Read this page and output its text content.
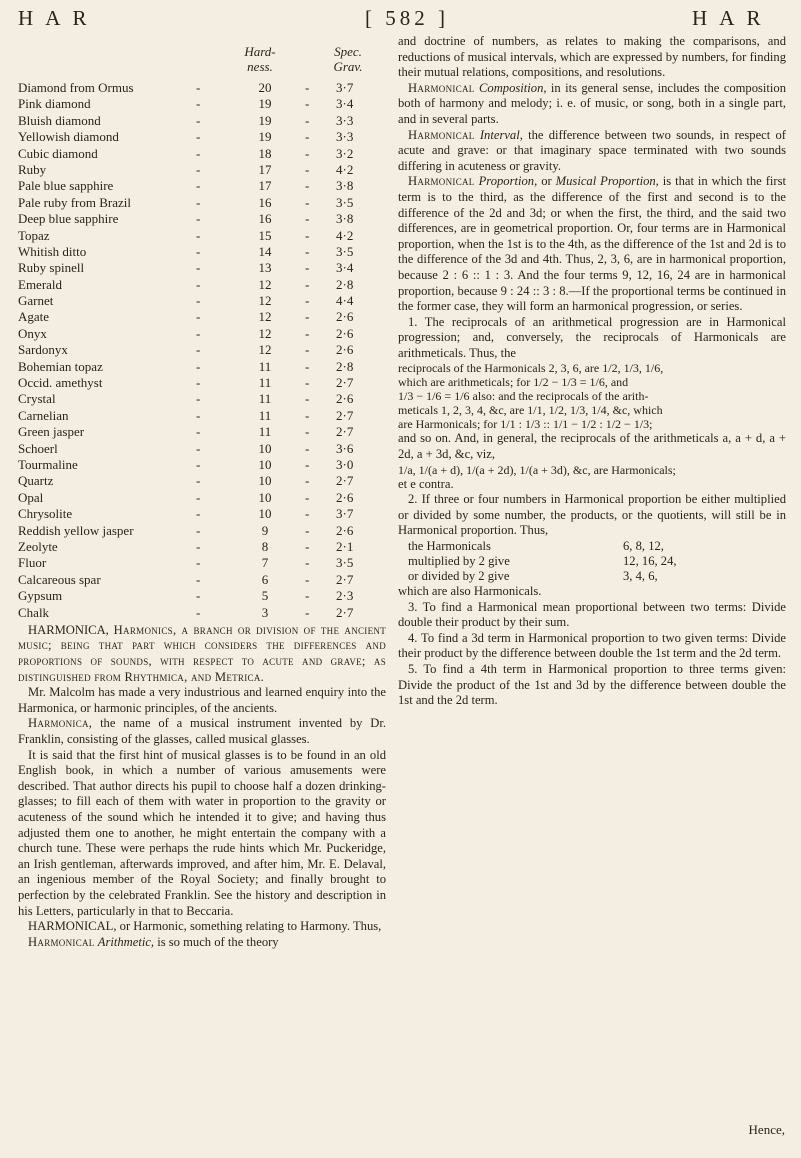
H A R	[ 582 ]	H A R
Hard-
ness.
Spec.
Grav.
Diamond from Ormus	-	20	- 3·7
Pink diamond	-	19	- 3·4
Bluish diamond	-	19	- 3·3
Yellowish diamond	-	19	- 3·3
Cubic diamond	-	18	- 3·2
Ruby	-	17	- 4·2
Pale blue sapphire	-	17	- 3·8
Pale ruby from Brazil	-	16	- 3·5
Deep blue sapphire	-	16	- 3·8
Topaz	-	15	- 4·2
Whitish ditto	-	14	- 3·5
Ruby spinell	-	13	- 3·4
Emerald	-	12	- 2·8
Garnet	-	12	- 4·4
Agate	-	12	- 2·6
Onyx	-	12	- 2·6
Sardonyx	-	12	- 2·6
Bohemian topaz	-	11	- 2·8
Occid. amethyst	-	11	- 2·7
Crystal	-	11	- 2·6
Carnelian	-	11	- 2·7
Green jasper	-	11	- 2·7
Schoerl	-	10	- 3·6
Tourmaline	-	10	- 3·0
Quartz	-	10	- 2·7
Opal	-	10	- 2·6
Chrysolite	-	10	- 3·7
Reddish yellow jasper	-	9	- 2·6
Zeolyte	-	8	- 2·1
Fluor	-	7	- 3·5
Calcareous spar	-	6	- 2·7
Gypsum	-	5	- 2·3
Chalk	-	3	- 2·7

HARMONICA, Harmonics, a branch or division of the ancient music; being that part which considers the differences and proportions of sounds, with respect to acute and grave; as distinguished from Rhythmica, and Metrica.

Mr. Malcolm has made a very industrious and learned enquiry into the Harmonica, or harmonic principles, of the ancients.

Harmonica, the name of a musical instrument invented by Dr. Franklin, consisting of the glasses, called musical glasses.

It is said that the first hint of musical glasses is to be found in an old English book, in which a number of various amusements were described. That author directs his pupil to choose half a dozen drinking-glasses; to fill each of them with water in proportion to the gravity or acuteness of the sound which he intended it to give; and having thus adjusted them one to another, he might entertain the company with a church tune. These were perhaps the rude hints which Mr. Puckeridge, an Irish gentleman, afterwards improved, and after him, Mr. E. Delaval, an ingenious member of the Royal Society; and finally brought to perfection by the celebrated Franklin. See the history and description in his Letters, particularly in that to Beccaria.

HARMONICAL, or Harmonic, something relating to Harmony. Thus,

Harmonical Arithmetic, is so much of the theory

and doctrine of numbers, as relates to making the comparisons, and reductions of musical intervals, which are expressed by numbers, for finding their mutual relations, compositions, and resolutions.

Harmonical Composition, in its general sense, includes the composition both of harmony and melody; i. e. of music, or song, both in a single part, and in several parts.

Harmonical Interval, the difference between two sounds, in respect of acute and grave: or that imaginary space terminated with two sounds differing in acuteness or gravity.

Harmonical Proportion, or Musical Proportion, is that in which the first term is to the third, as the difference of the first and second is to the difference of the 2d and 3d; or when the first, the third, and the said two differences, are in geometrical proportion. Or, four terms are in Harmonical proportion, when the 1st is to the 4th, as the difference of the 1st and 2d is to the difference of the 3d and 4th. Thus, 2, 3, 6, are in harmonical proportion, because 2 : 6 :: 1 : 3. And the four terms 9, 12, 16, 24 are in harmonical proportion, because 9 : 24 :: 3 : 8.—If the proportional terms be continued in the former case, they will form an harmonical progression, or series.

1. The reciprocals of an arithmetical progression are in Harmonical progression; and, conversely, the reciprocals of Harmonicals are arithmeticals. Thus, the

reciprocals of the Harmonicals 2, 3, 6, are 1/2, 1/3, 1/6,
which are arithmeticals; for 1/2 − 1/3 = 1/6, and
1/3 − 1/6 = 1/6 also: and the reciprocals of the arith-
meticals 1, 2, 3, 4, &c, are 1/1, 1/2, 1/3, 1/4, &c, which
are Harmonicals; for 1/1 : 1/3 :: 1/1 − 1/2 : 1/2 − 1/3;

and so on. And, in general, the reciprocals of the arithmeticals a, a + d, a + 2d, a + 3d, &c, viz,

1/a, 1/(a + d), 1/(a + 2d), 1/(a + 3d), &c, are Harmonicals;

et e contra.

2. If three or four numbers in Harmonical proportion be either multiplied or divided by some number, the products, or the quotients, will still be in Harmonical proportion. Thus,

the Harmonicals	6, 8, 12,
multiplied by 2 give	12, 16, 24,
or divided by 2 give	3, 4, 6,

which are also Harmonicals.

3. To find a Harmonical mean proportional between two terms: Divide double their product by their sum.

4. To find a 3d term in Harmonical proportion to two given terms: Divide their product by the difference between double the 1st term and the 2d term.

5. To find a 4th term in Harmonical proportion to three terms given: Divide the product of the 1st and 3d by the difference between double the 1st and the 2d term.

Hence,
